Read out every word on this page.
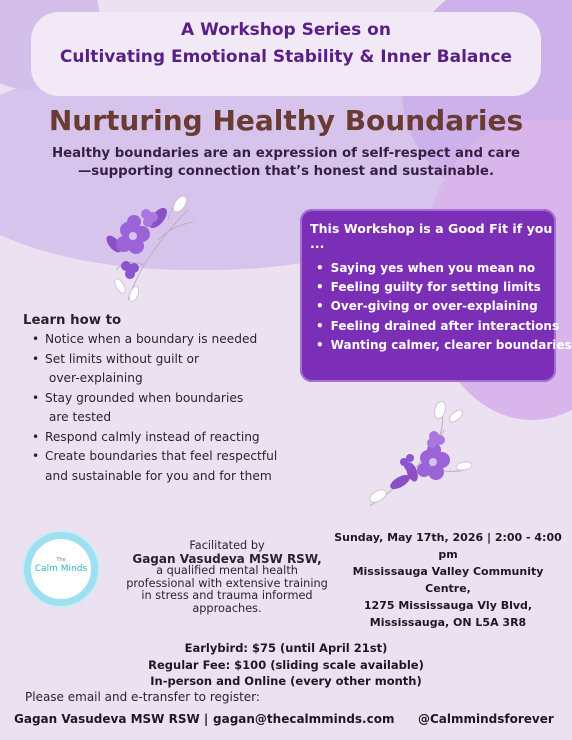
A Workshop Series on
Cultivating Emotional Stability & Inner Balance
Nurturing Healthy Boundaries
Healthy boundaries are an expression of self-respect and care
—supporting connection that’s honest and sustainable.
This Workshop is a Good Fit if you ...
• Saying yes when you mean no
• Feeling guilty for setting limits
• Over-giving or over-explaining
• Feeling drained after interactions
• Wanting calmer, clearer boundaries
Learn how to
• Notice when a boundary is needed
• Set limits without guilt or
over-explaining
• Stay grounded when boundaries
are tested
• Respond calmly instead of reacting
• Create boundaries that feel respectful
and sustainable for you and for them
The
Calm Minds
Facilitated by
Gagan Vasudeva MSW RSW,
a qualified mental health
professional with extensive training
in stress and trauma informed
approaches.
Sunday, May 17th, 2026 | 2:00 - 4:00 pm
Mississauga Valley Community Centre,
1275 Mississauga Vly Blvd,
Mississauga, ON L5A 3R8
Earlybird: $75 (until April 21st)
Regular Fee: $100 (sliding scale available)
In-person and Online (every other month)
Please email and e-transfer to register:
Gagan Vasudeva MSW RSW | gagan@thecalmminds.com @Calmmindsforever
